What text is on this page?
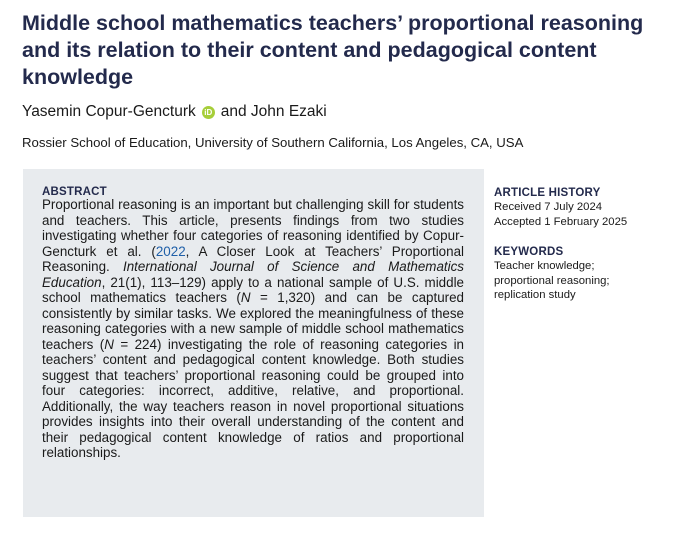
Middle school mathematics teachers’ proportional reasoning and its relation to their content and pedagogical content knowledge
Yasemin Copur-Gencturk	iD and
John Ezaki
Rossier School of Education, University of Southern California, Los Angeles, CA, USA
ABSTRACT
Proportional reasoning is an important but challenging skill for students and teachers. This article, presents findings from two studies investigating whether four categories of reasoning identified by Copur-Gencturk et al. (2022, A Closer Look at Teachers’ Proportional Reasoning. International Journal of Science and Mathematics Education, 21(1), 113–129) apply to a national sample of U.S. middle school mathematics teachers (N = 1,320) and can be captured consistently by similar tasks. We explored the meaningfulness of these reasoning categories with a new sample of middle school mathematics teachers (N = 224) investigating the role of reasoning categories in teachers’ content and pedagogical content knowledge. Both studies suggest that teachers’ proportional reasoning could be grouped into four categories: incorrect, additive, relative, and proportional. Additionally, the way teachers reason in novel proportional situations provides insights into their overall understanding of the content and their pedagogical content knowledge of ratios and proportional relationships.
ARTICLE HISTORY
Received 7 July 2024
Accepted 1 February 2025
KEYWORDS
Teacher knowledge;
proportional reasoning;
replication study
